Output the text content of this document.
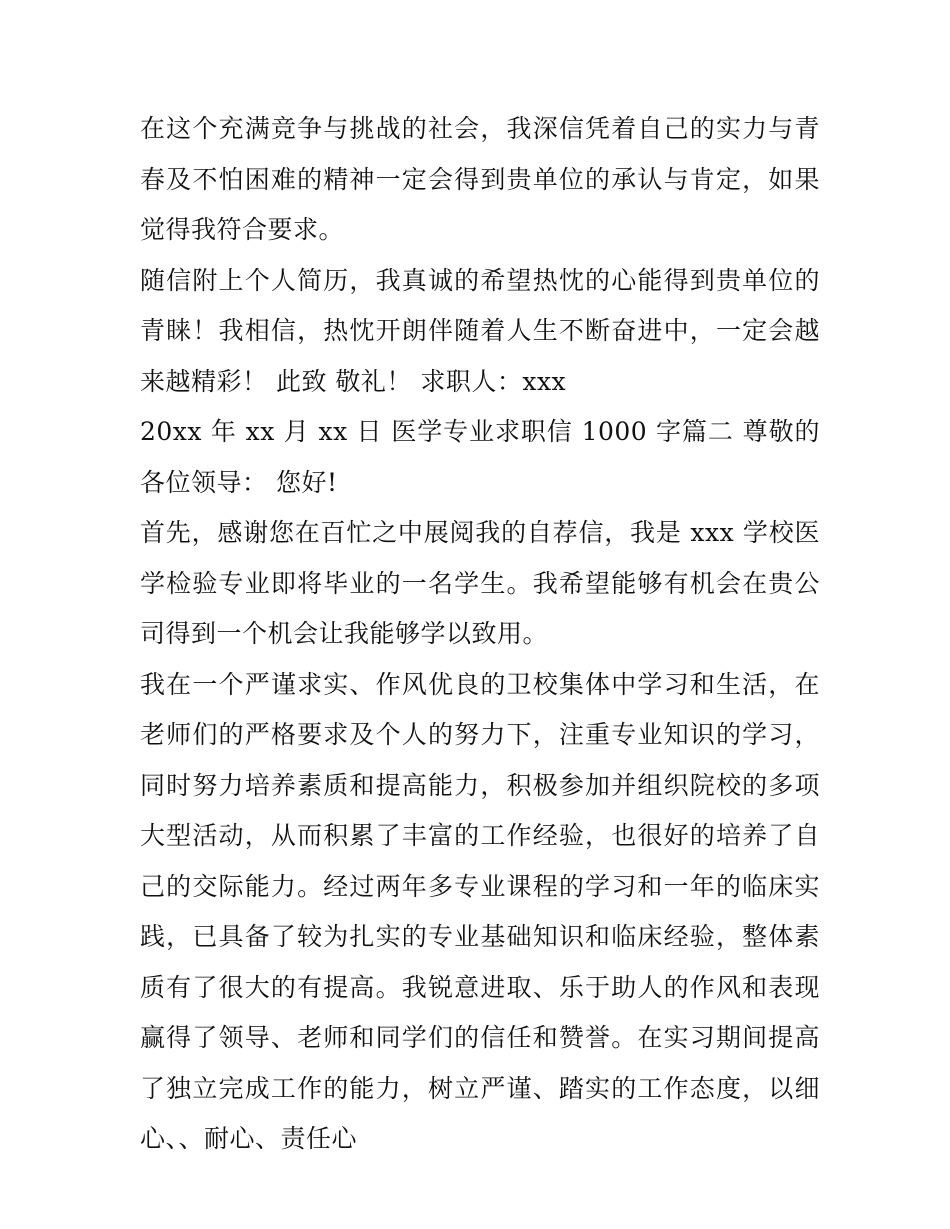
在这个充满竞争与挑战的社会，我深信凭着自己的实力与青春及不怕困难的精神一定会得到贵单位的承认与肯定，如果觉得我符合要求。

随信附上个人简历，我真诚的希望热忱的心能得到贵单位的青睐！我相信，热忱开朗伴随着人生不断奋进中，一定会越来越精彩！ 此致 敬礼！ 求职人：xxx

20xx 年 xx 月 xx 日 医学专业求职信 1000 字篇二 尊敬的各位领导： 您好!

首先，感谢您在百忙之中展阅我的自荐信，我是 xxx 学校医学检验专业即将毕业的一名学生。我希望能够有机会在贵公司得到一个机会让我能够学以致用。

我在一个严谨求实、作风优良的卫校集体中学习和生活，在老师们的严格要求及个人的努力下，注重专业知识的学习，同时努力培养素质和提高能力，积极参加并组织院校的多项大型活动，从而积累了丰富的工作经验，也很好的培养了自己的交际能力。经过两年多专业课程的学习和一年的临床实践，已具备了较为扎实的专业基础知识和临床经验，整体素质有了很大的有提高。我锐意进取、乐于助人的作风和表现赢得了领导、老师和同学们的信任和赞誉。在实习期间提高了独立完成工作的能力，树立严谨、踏实的工作态度，以细心、、耐心、责任心
